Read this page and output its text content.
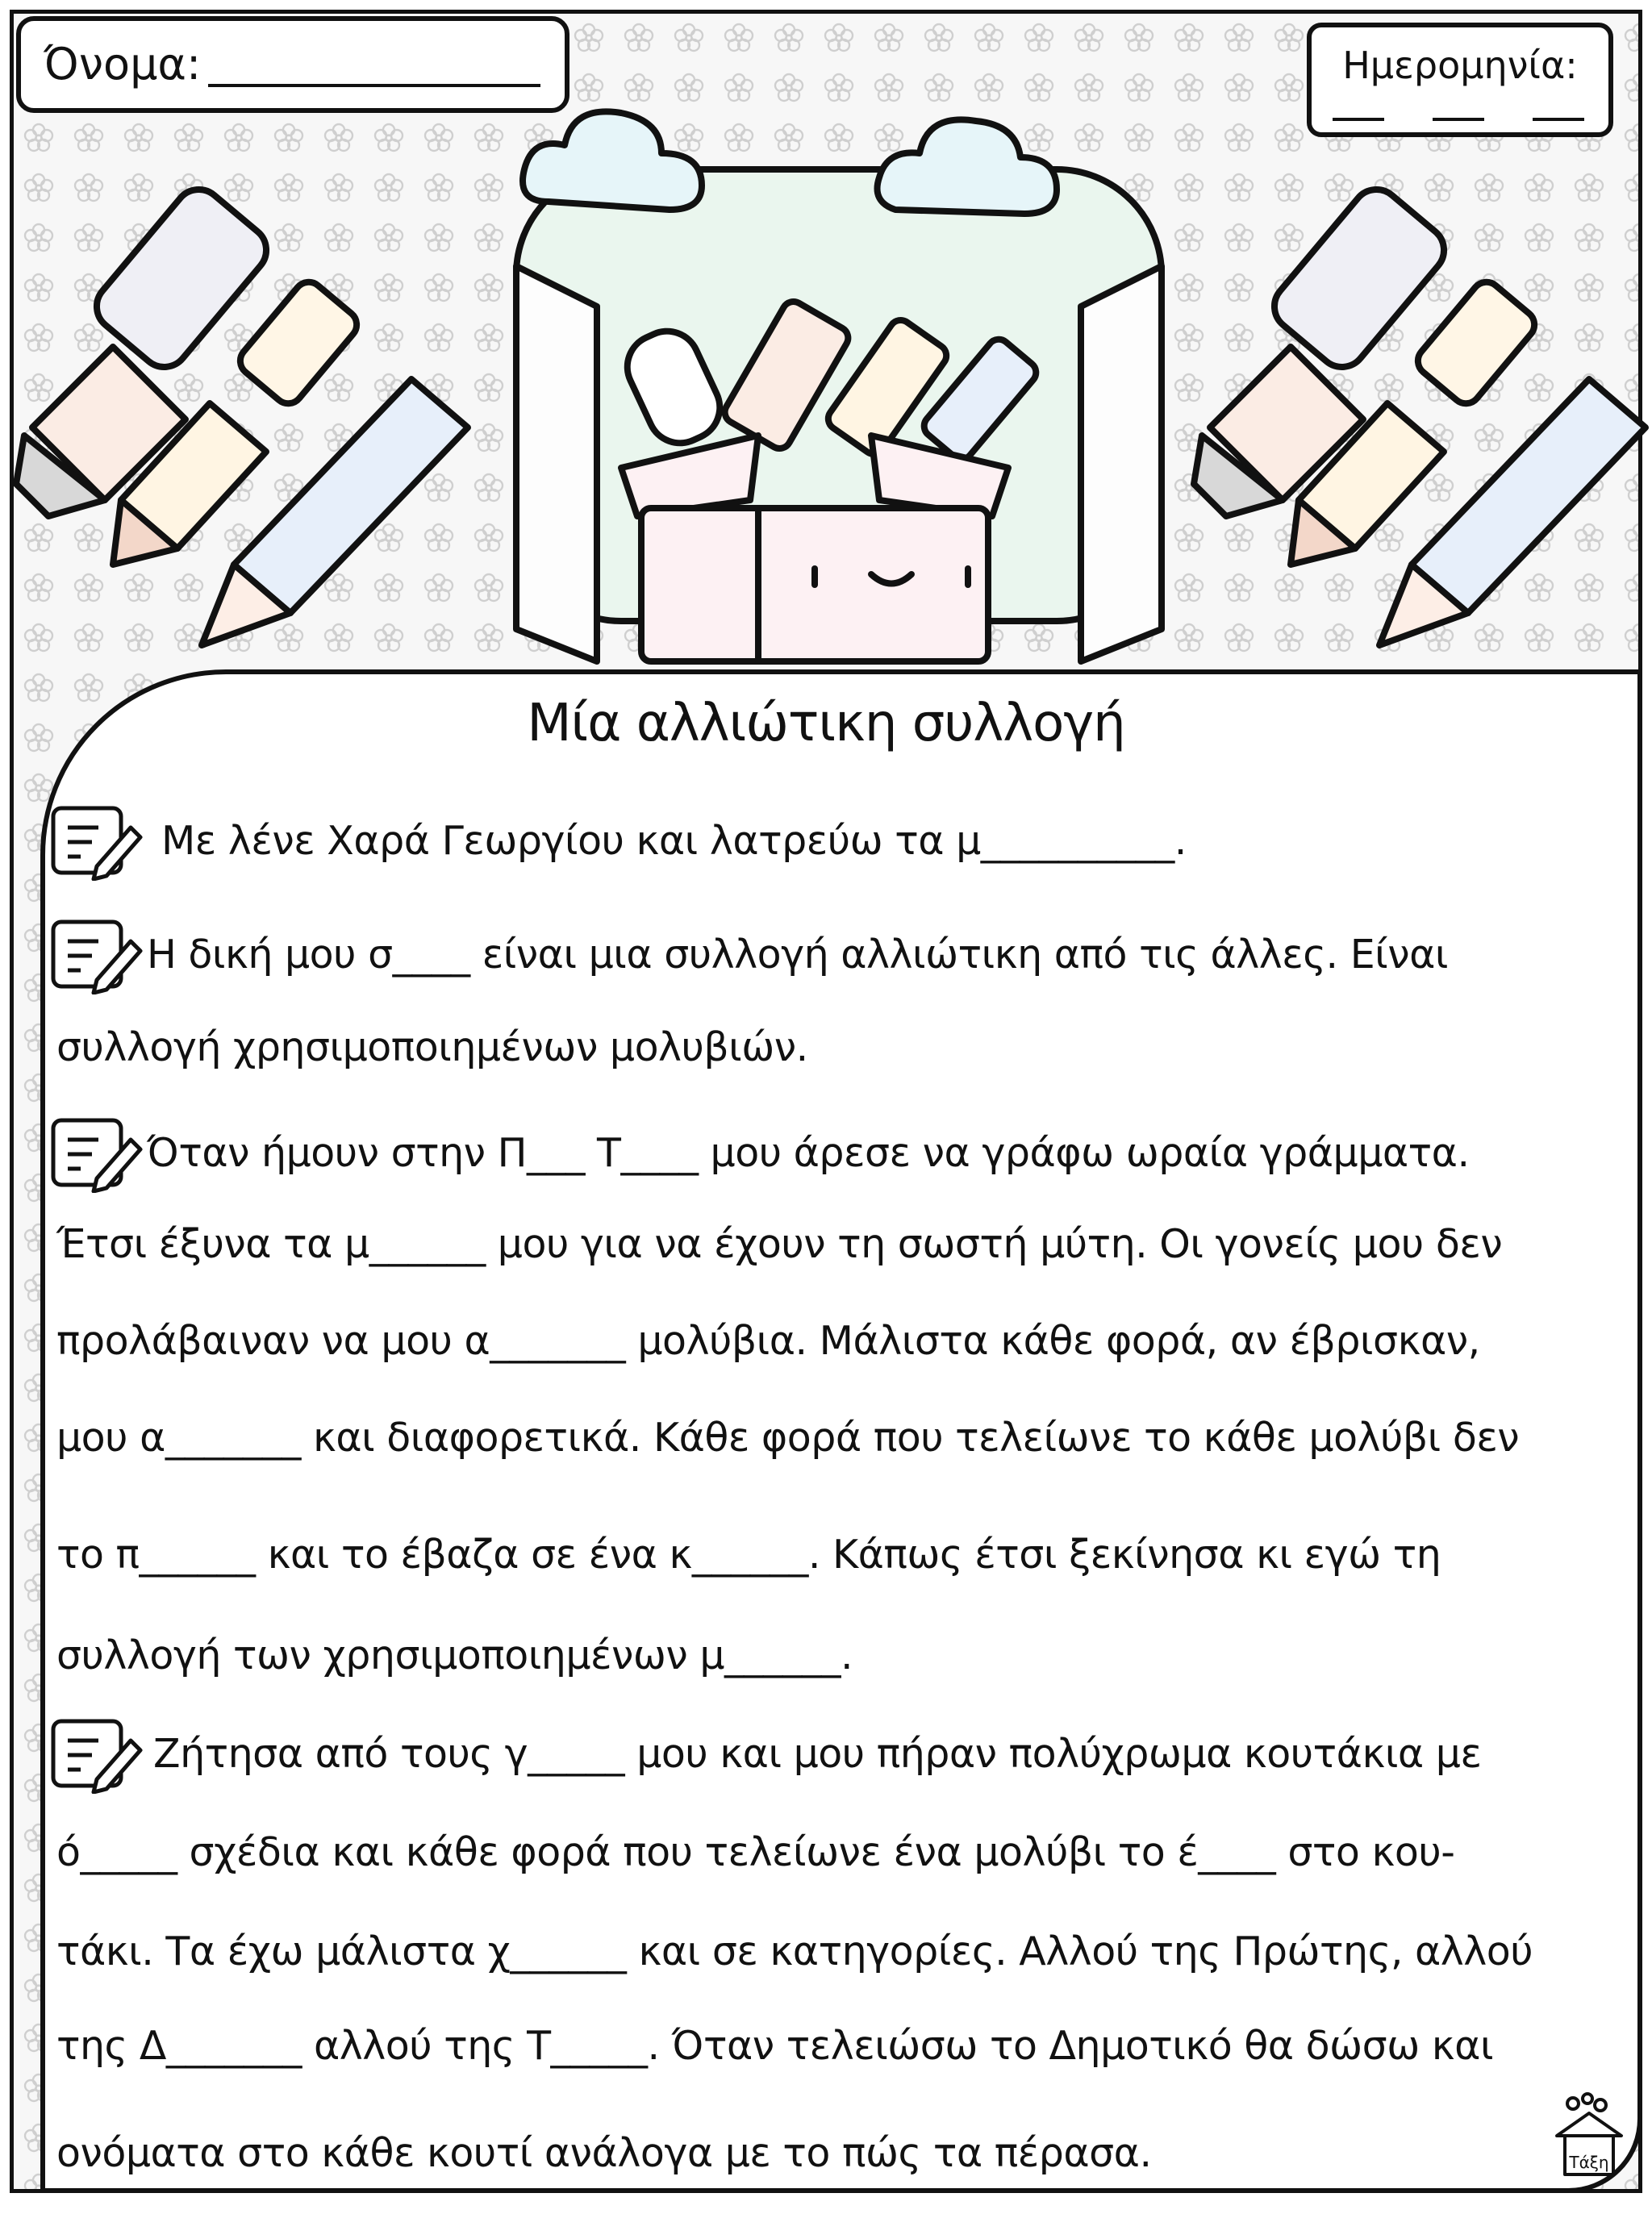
Όνομα:	Ημερομηνία:
Μία αλλιώτικη συλλογή
Με λένε Χαρά Γεωργίου και λατρεύω τα μ__________.
Η δική μου σ____ είναι μια συλλογή αλλιώτικη από τις άλλες. Είναι
συλλογή χρησιμοποιημένων μολυβιών.
Όταν ήμουν στην Π___ Τ____ μου άρεσε να γράφω ωραία γράμματα.
Έτσι έξυνα τα μ______ μου για να έχουν τη σωστή μύτη. Οι γονείς μου δεν
προλάβαιναν να μου α_______ μολύβια. Μάλιστα κάθε φορά, αν έβρισκαν,
μου α_______ και διαφορετικά. Κάθε φορά που τελείωνε το κάθε μολύβι δεν
το π______ και το έβαζα σε ένα κ______. Κάπως έτσι ξεκίνησα κι εγώ τη
συλλογή των χρησιμοποιημένων μ______.
Ζήτησα από τους γ_____ μου και μου πήραν πολύχρωμα κουτάκια με
ό_____ σχέδια και κάθε φορά που τελείωνε ένα μολύβι το έ____ στο κου-
τάκι. Τα έχω μάλιστα χ______ και σε κατηγορίες. Αλλού της Πρώτης, αλλού
της Δ_______ αλλού της Τ_____. Όταν τελειώσω το Δημοτικό θα δώσω και
ονόματα στο κάθε κουτί ανάλογα με το πώς τα πέρασα.	Τάξη
